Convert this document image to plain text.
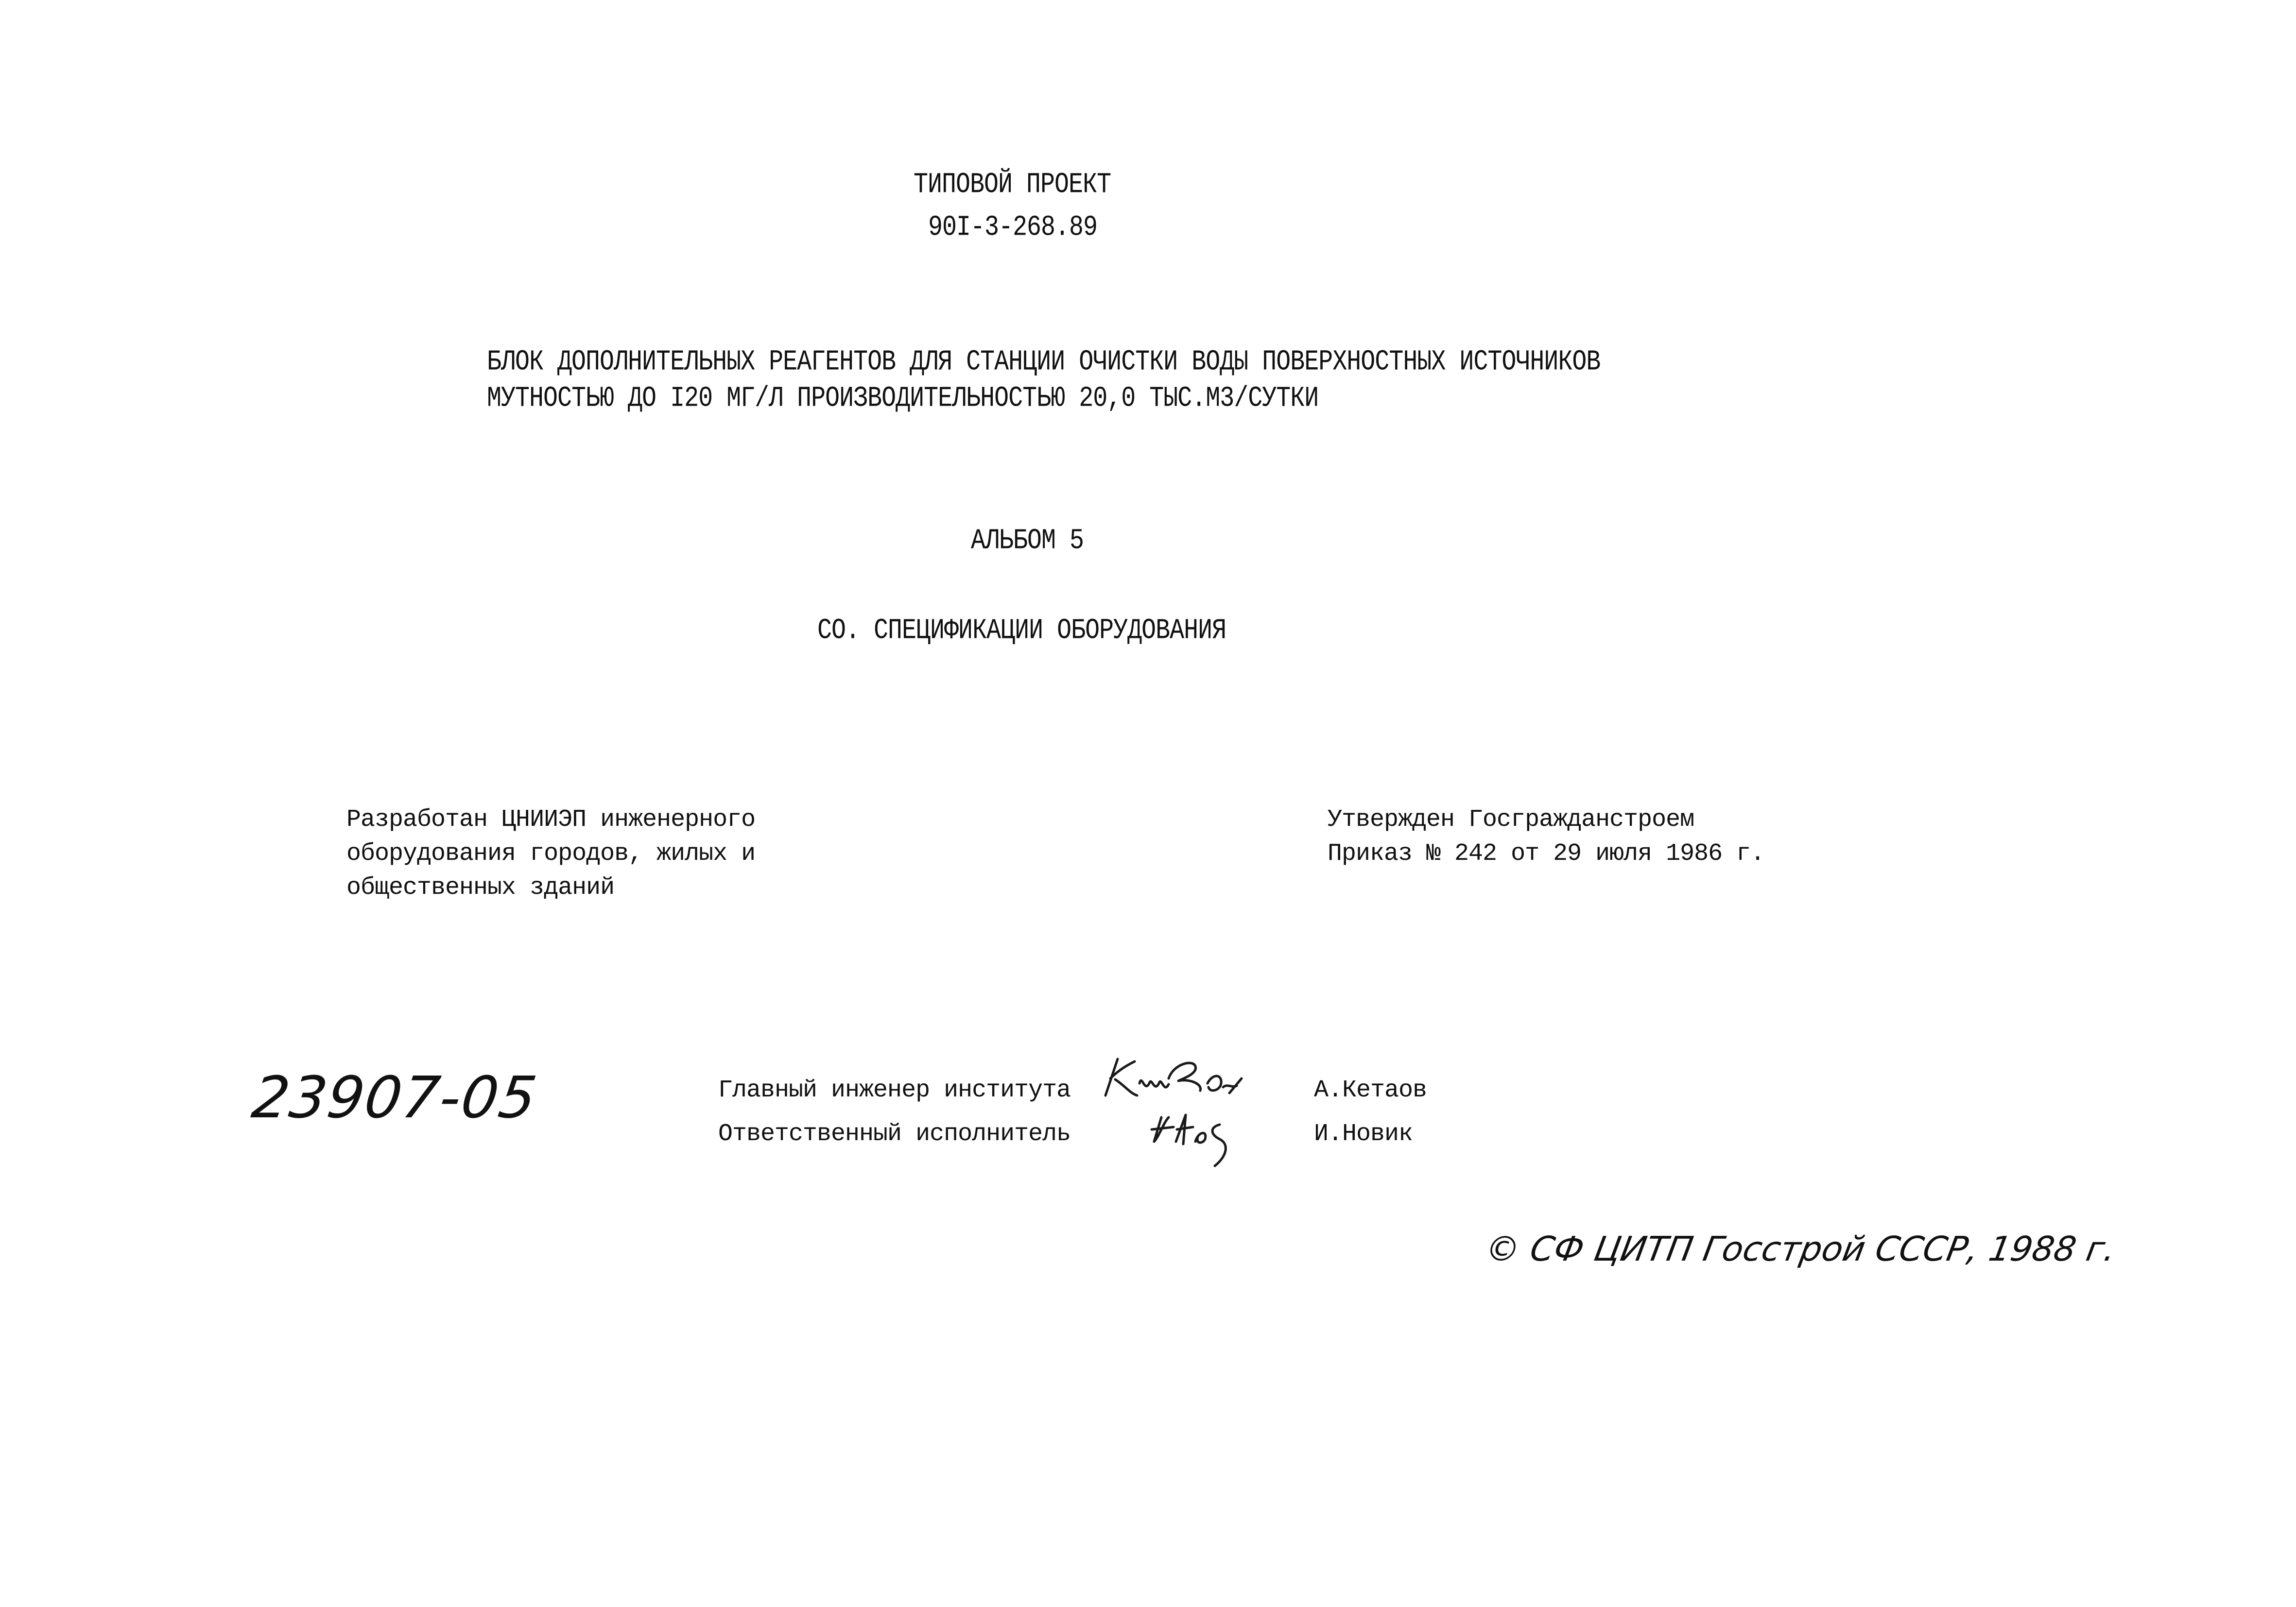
ТИПОВОЙ ПРОЕКТ
90I-3-268.89
БЛОК ДОПОЛНИТЕЛЬНЫХ РЕАГЕНТОВ ДЛЯ СТАНЦИИ ОЧИСТКИ ВОДЫ ПОВЕРХНОСТНЫХ ИСТОЧНИКОВ
МУТНОСТЬЮ ДО I20 МГ/Л ПРОИЗВОДИТЕЛЬНОСТЬЮ 20,0 ТЫС.М3/СУТКИ
АЛЬБОМ 5
СО. СПЕЦИФИКАЦИИ ОБОРУДОВАНИЯ
Разработан ЦНИИЭП инженерного
оборудования городов, жилых и
общественных зданий
Утвержден Госгражданстроем
Приказ № 242 от 29 июля 1986 г.
23907-05	Главный инженер института
Ответственный исполнитель
А.Кетаов
И.Новик
© СФ ЦИТП Госстрой СССР, 1988 г.
